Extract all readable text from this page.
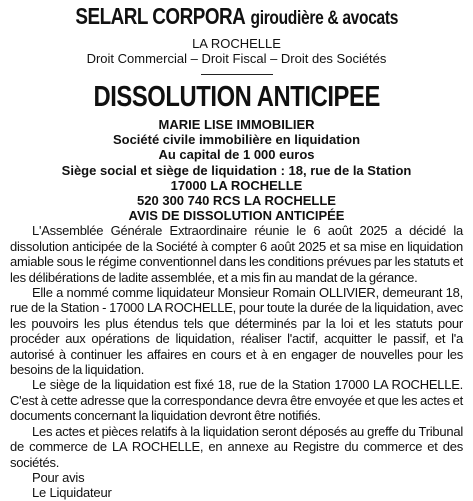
SELARL CORPORA giroudière & avocats
LA ROCHELLE
Droit Commercial – Droit Fiscal – Droit des Sociétés
DISSOLUTION ANTICIPEE
MARIE LISE IMMOBILIER
Société civile immobilière en liquidation
Au capital de 1 000 euros
Siège social et siège de liquidation : 18, rue de la Station
17000 LA ROCHELLE
520 300 740 RCS LA ROCHELLE
AVIS DE DISSOLUTION ANTICIPÉE

L'Assemblée Générale Extraordinaire réunie le 6 août 2025 a décidé la dissolution anticipée de la Société à compter 6 août 2025 et sa mise en liquidation amiable sous le régime conventionnel dans les conditions prévues par les statuts et les délibérations de ladite assemblée, et a mis fin au mandat de la gérance.

Elle a nommé comme liquidateur Monsieur Romain OLLIVIER, demeurant 18, rue de la Station - 17000 LA ROCHELLE, pour toute la durée de la liquidation, avec les pouvoirs les plus étendus tels que déterminés par la loi et les statuts pour procéder aux opérations de liquidation, réaliser l'actif, acquitter le passif, et l'a autorisé à continuer les affaires en cours et à en engager de nouvelles pour les besoins de la liquidation.

Le siège de la liquidation est fixé 18, rue de la Station 17000 LA ROCHELLE. C'est à cette adresse que la correspondance devra être envoyée et que les actes et documents concernant la liquidation devront être notifiés.

Les actes et pièces relatifs à la liquidation seront déposés au greffe du Tribunal de commerce de LA ROCHELLE, en annexe au Registre du commerce et des sociétés.

Pour avis
Le Liquidateur
